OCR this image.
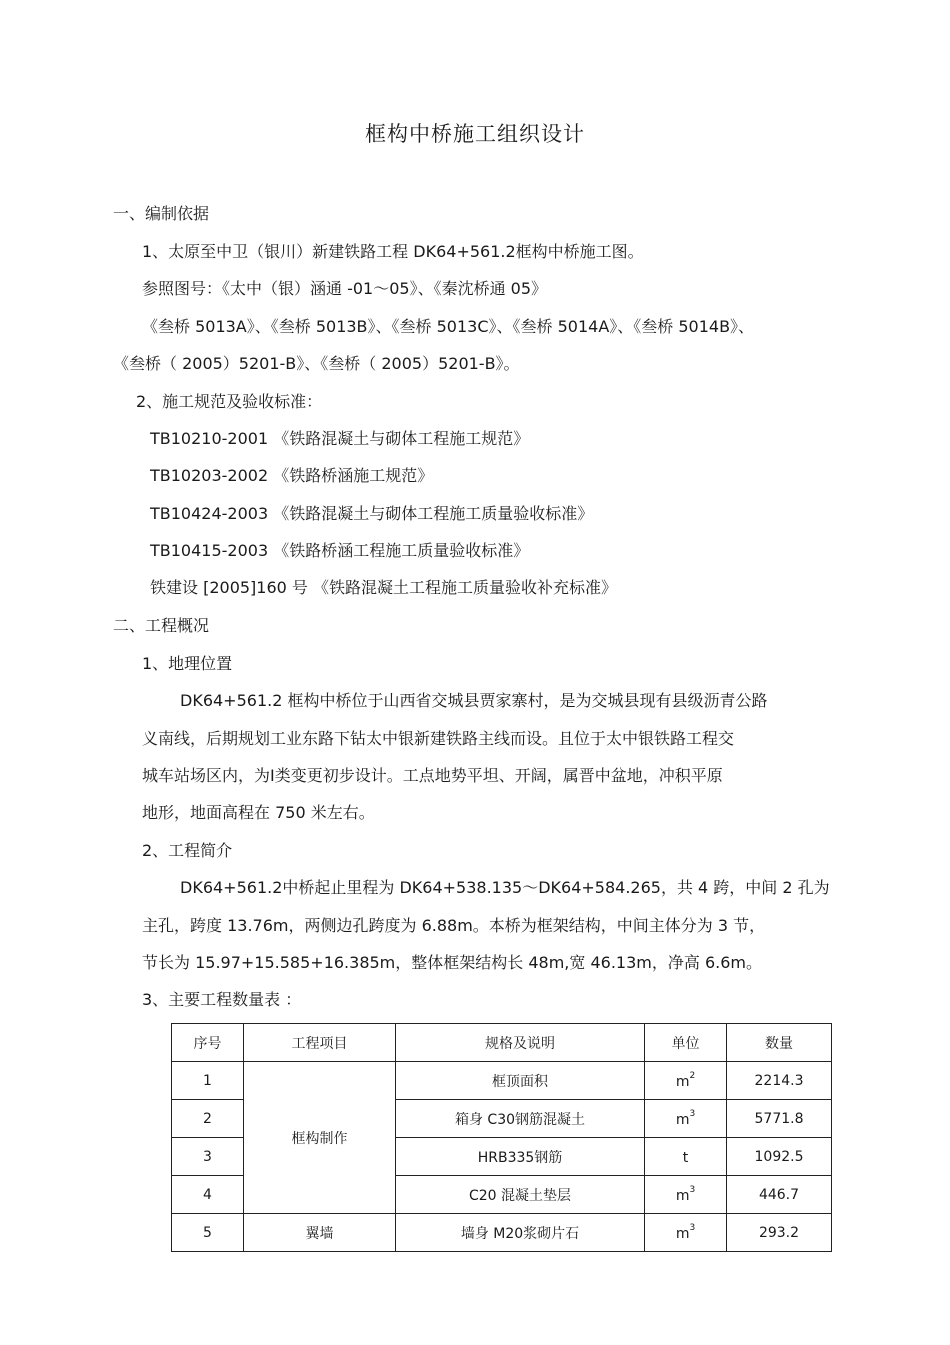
框构中桥施工组织设计
一、编制依据
1、太原至中卫（银川）新建铁路工程 DK64+561.2框构中桥施工图。
参照图号：《太中（银）涵通 -01～05》、《秦沈桥通 05》
《叁桥 5013A》、《叁桥 5013B》、《叁桥 5013C》、《叁桥 5014A》、《叁桥 5014B》、
《叁桥（ 2005）5201-B》、《叁桥（ 2005）5201-B》。
2、施工规范及验收标准：
TB10210-2001 《铁路混凝土与砌体工程施工规范》
TB10203-2002 《铁路桥涵施工规范》
TB10424-2003 《铁路混凝土与砌体工程施工质量验收标准》
TB10415-2003 《铁路桥涵工程施工质量验收标准》
铁建设 [2005]160 号 《铁路混凝土工程施工质量验收补充标准》
二、工程概况
1、地理位置
DK64+561.2 框构中桥位于山西省交城县贾家寨村，是为交城县现有县级沥青公路
义南线，后期规划工业东路下钻太中银新建铁路主线而设。且位于太中银铁路工程交
城车站场区内，为Ⅰ类变更初步设计。工点地势平坦、开阔，属晋中盆地，冲积平原
地形，地面高程在 750 米左右。
2、工程简介
DK64+561.2中桥起止里程为 DK64+538.135～DK64+584.265，共 4 跨，中间 2 孔为
主孔，跨度 13.76m，两侧边孔跨度为 6.88m。本桥为框架结构，中间主体分为 3 节，
节长为 15.97+15.585+16.385m，整体框架结构长 48m,宽 46.13m，净高 6.6m。
3、主要工程数量表 ：
序号	工程项目	规格及说明	单位	数量
1	框构制作	框顶面积	$m^2$	2214.3
2		箱身 C30钢筋混凝土	$m^3$	5771.8
3		HRB335钢筋	t	1092.5
4		C20 混凝土垫层	$m^3$	446.7
5	翼墙	墙身 M20浆砌片石	$m^3$	293.2
